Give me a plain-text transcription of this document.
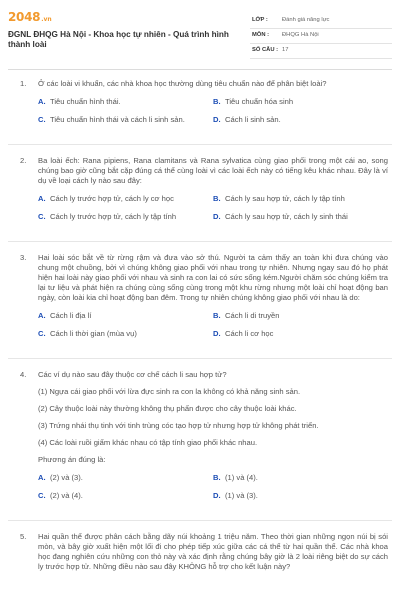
2048 .vn
ĐGNL ĐHQG Hà Nội - Khoa học tự nhiên - Quá trình hình thành loài
LỚP : Đánh giá năng lực
MÔN : ĐHQG Hà Nội
SỐ CÂU : 17
1.	Ở các loài vi khuẩn, các nhà khoa học thường dùng tiêu chuẩn nào để phân biệt loài?
A. Tiêu chuẩn hình thái.	B. Tiêu chuẩn hóa sinh
C. Tiêu chuẩn hình thái và cách li sinh sản.	D. Cách li sinh sản.
2.	Ba loài ếch: Rana pipiens, Rana clamitans và Rana sylvatica cùng giao phối trong một cái ao, song chúng bao giờ cũng bắt cặp đúng cá thể cùng loài vì các loài ếch này có tiếng kêu khác nhau. Đây là ví dụ về loại cách ly nào sau đây:
A. Cách ly trước hợp tử, cách ly cơ học	B. Cách ly sau hợp tử, cách ly tập tính
C. Cách ly trước hợp tử, cách ly tập tính	D. Cách ly sau hợp tử, cách ly sinh thái
3.	Hai loài sóc bắt về từ rừng rậm và đưa vào sở thú. Người ta cảm thấy an toàn khi đưa chúng vào chung một chuồng, bởi vì chúng không giao phối với nhau trong tự nhiên. Nhưng ngay sau đó họ phát hiện hai loài này giao phối với nhau và sinh ra con lai có sức sống kém.Người chăm sóc chúng kiểm tra lại tư liệu và phát hiện ra chúng cùng sống cùng trong một khu rừng nhưng một loài chỉ hoạt động ban ngày, còn loài kia chỉ hoạt động ban đêm. Trong tự nhiên chúng không giao phối với nhau là do:
A. Cách li địa lí	B. Cách li di truyền
C. Cách li thời gian (mùa vụ)	D. Cách li cơ học
4.	Các ví dụ nào sau đây thuộc cơ chế cách li sau hợp tử?
(1) Ngựa cái giao phối với lừa đực sinh ra con la không có khả năng sinh sản.
(2) Cây thuộc loài này thường không thụ phấn được cho cây thuộc loài khác.
(3) Trứng nhái thụ tinh với tinh trùng cóc tạo hợp tử nhưng hợp tử không phát triển.
(4) Các loài ruồi giấm khác nhau có tập tính giao phối khác nhau.
Phương án đúng là:
A. (2) và (3).	B. (1) và (4).
C. (2) và (4).	D. (1) và (3).
5.	Hai quần thể được phân cách bằng dãy núi khoảng 1 triệu năm. Theo thời gian những ngọn núi bị sói mòn, và bây giờ xuất hiện một lối đi cho phép tiếp xúc giữa các cá thể từ hai quần thể. Các nhà khoa học đang nghiên cứu những con thỏ này và xác định rằng chúng bây giờ là 2 loài riêng biệt do sự cách ly trước hợp tử. Những điều nào sau đây KHÔNG hỗ trợ cho kết luận này?
